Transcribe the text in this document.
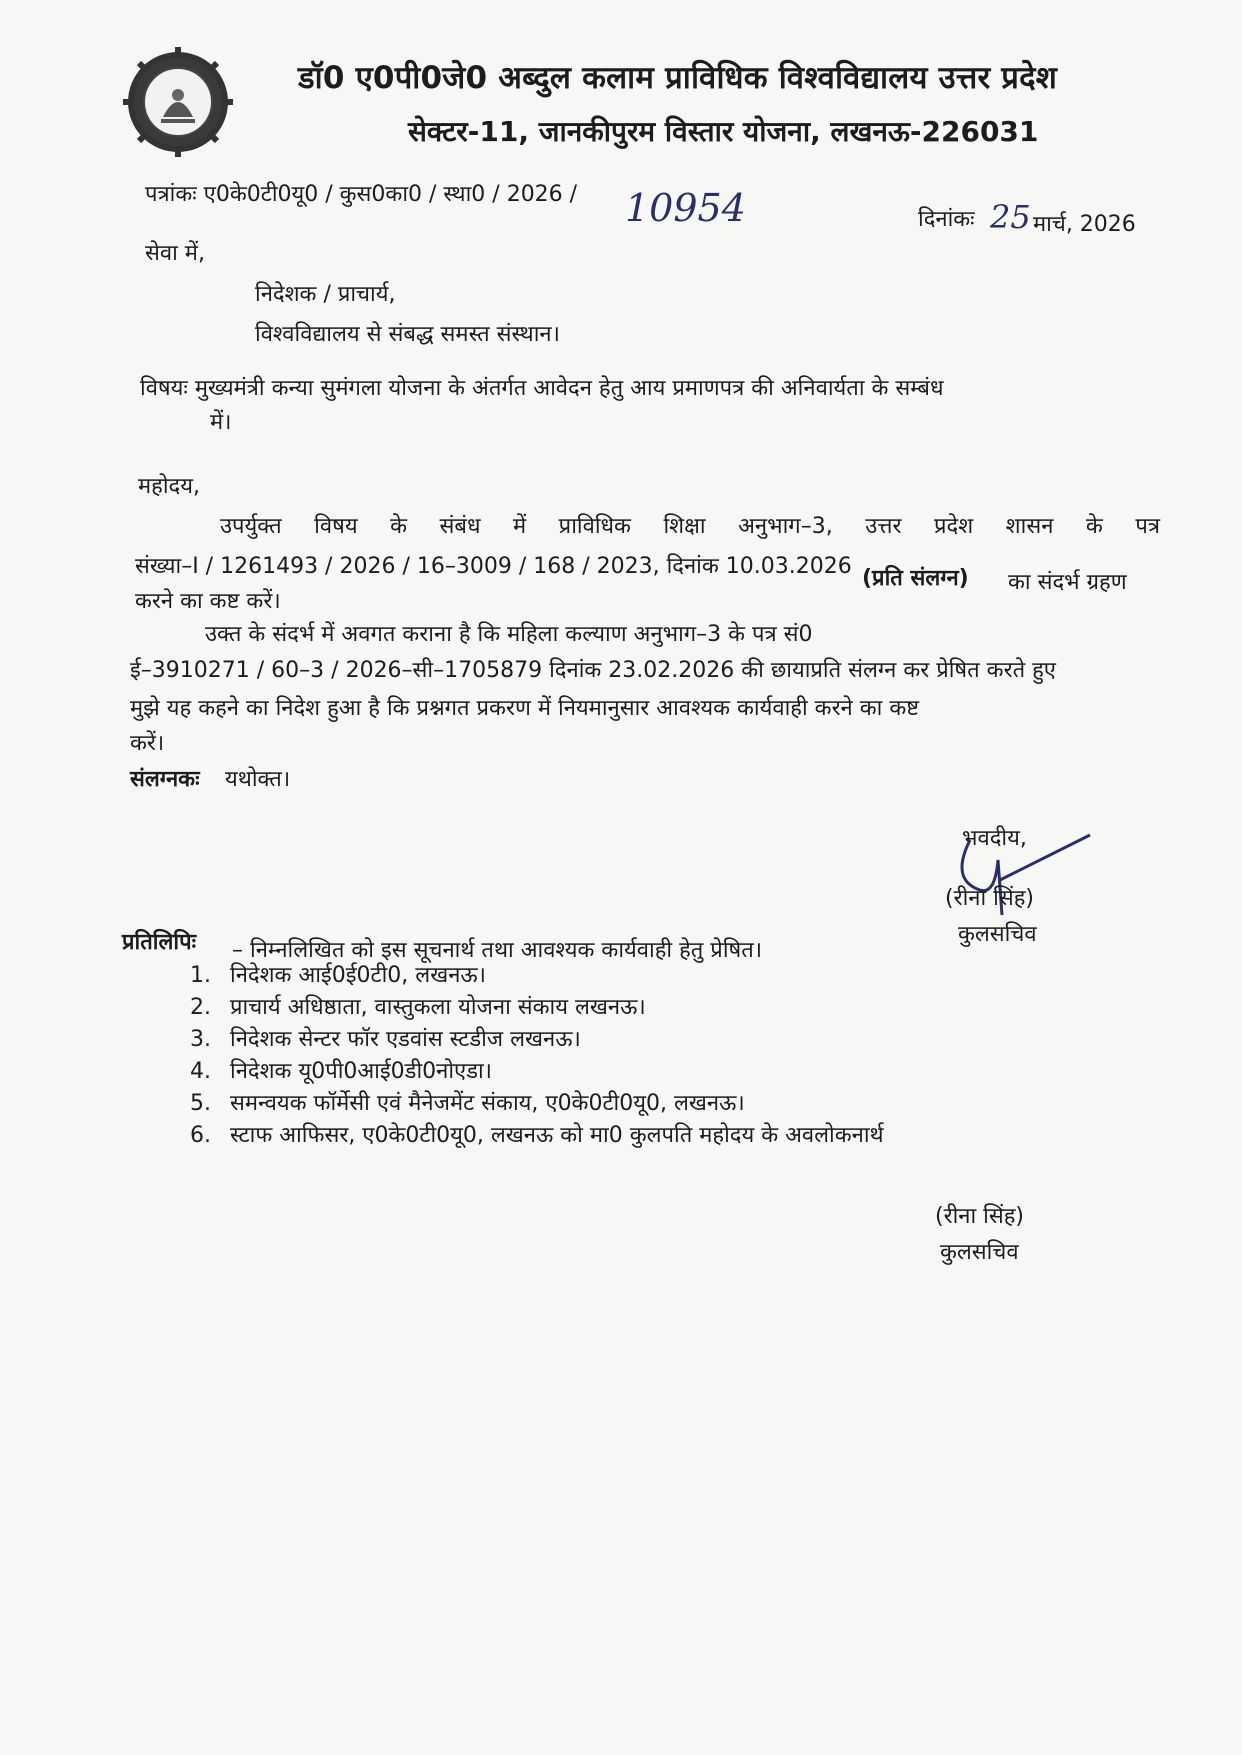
डॉ0 ए0पी0जे0 अब्दुल कलाम प्राविधिक विश्वविद्यालय उत्तर प्रदेश
सेक्टर-11, जानकीपुरम विस्तार योजना, लखनऊ-226031
पत्रांकः ए0के0टी0यू0 / कुस0का0 / स्था0 / 2026 / 10954	दिनांकः 25 मार्च, 2026
सेवा में,
निदेशक / प्राचार्य,
विश्वविद्यालय से संबद्ध समस्त संस्थान।
विषयः मुख्यमंत्री कन्या सुमंगला योजना के अंतर्गत आवेदन हेतु आय प्रमाणपत्र की अनिवार्यता के सम्बंध
में।
महोदय,
उपर्युक्त विषय के संबंध में प्राविधिक शिक्षा अनुभाग–3, उत्तर प्रदेश शासन के पत्र
संख्या–I / 1261493 / 2026 / 16–3009 / 168 / 2023, दिनांक 10.03.2026 (प्रति संलग्न) का संदर्भ ग्रहण
करने का कष्ट करें।
उक्त के संदर्भ में अवगत कराना है कि महिला कल्याण अनुभाग–3 के पत्र सं0
ई–3910271 / 60–3 / 2026–सी–1705879 दिनांक 23.02.2026 की छायाप्रति संलग्न कर प्रेषित करते हुए
मुझे यह कहने का निदेश हुआ है कि प्रश्नगत प्रकरण में नियमानुसार आवश्यक कार्यवाही करने का कष्ट
करें।
संलग्नकः यथोक्त।
भवदीय,
(रीना सिंह)
कुलसचिव
प्रतिलिपिः – निम्नलिखित को इस सूचनार्थ तथा आवश्यक कार्यवाही हेतु प्रेषित।
1. निदेशक आई0ई0टी0, लखनऊ।
2. प्राचार्य अधिष्ठाता, वास्तुकला योजना संकाय लखनऊ।
3. निदेशक सेन्टर फॉर एडवांस स्टडीज लखनऊ।
4. निदेशक यू0पी0आई0डी0नोएडा।
5. समन्वयक फॉर्मेसी एवं मैनेजमेंट संकाय, ए0के0टी0यू0, लखनऊ।
6. स्टाफ आफिसर, ए0के0टी0यू0, लखनऊ को मा0 कुलपति महोदय के अवलोकनार्थ
(रीना सिंह)
कुलसचिव
